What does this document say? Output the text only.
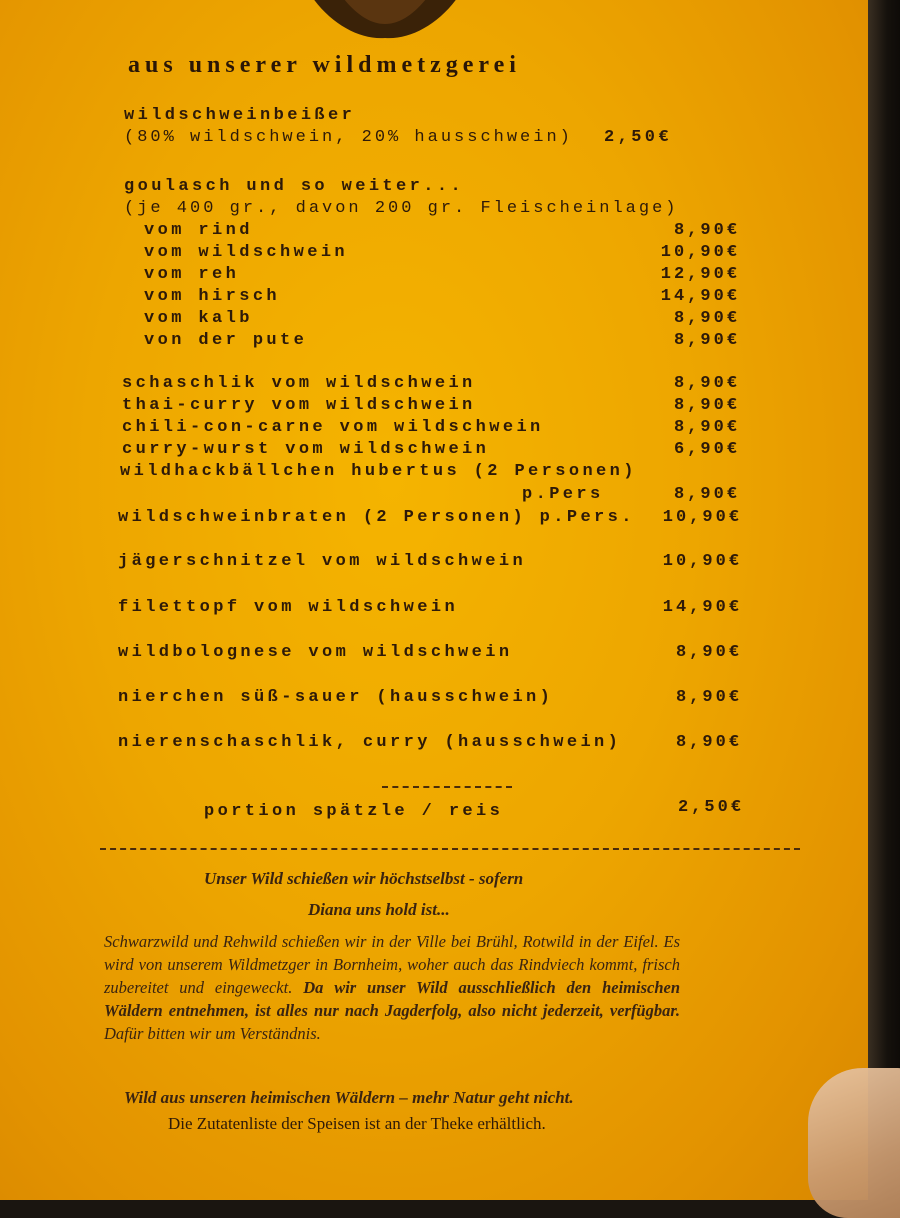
aus unserer wildmetzgerei
wildschweinbeißer
(80% wildschwein, 20% hausschwein) 2,50€
goulasch und so weiter...
(je 400 gr., davon 200 gr. Fleischeinlage)
vom rind	8,90€
vom wildschwein	10,90€
vom reh	12,90€
vom hirsch	14,90€
vom kalb	8,90€
von der pute	8,90€
schaschlik vom wildschwein	8,90€
thai-curry vom wildschwein	8,90€
chili-con-carne vom wildschwein	8,90€
curry-wurst vom wildschwein	6,90€
wildhackbällchen hubertus (2 Personen)
p.Pers	8,90€
wildschweinbraten (2 Personen) p.Pers.	10,90€
jägerschnitzel vom wildschwein	10,90€
filettopf vom wildschwein	14,90€
wildbolognese vom wildschwein	8,90€
nierchen süß-sauer (hausschwein)	8,90€
nierenschaschlik, curry (hausschwein)	8,90€
portion spätzle / reis	2,50€
Unser Wild schießen wir höchstselbst - sofern
Diana uns hold ist...
Schwarzwild und Rehwild schießen wir in der Ville bei Brühl, Rotwild in der Eifel. Es wird von unserem Wildmetzger in Bornheim, woher auch das Rindviech kommt, frisch zubereitet und eingeweckt. Da wir unser Wild ausschließlich den heimischen Wäldern entnehmen, ist alles nur nach Jagderfolg, also nicht jederzeit, verfügbar. Dafür bitten wir um Verständnis.
Wild aus unseren heimischen Wäldern – mehr Natur geht nicht.
Die Zutatenliste der Speisen ist an der Theke erhältlich.
